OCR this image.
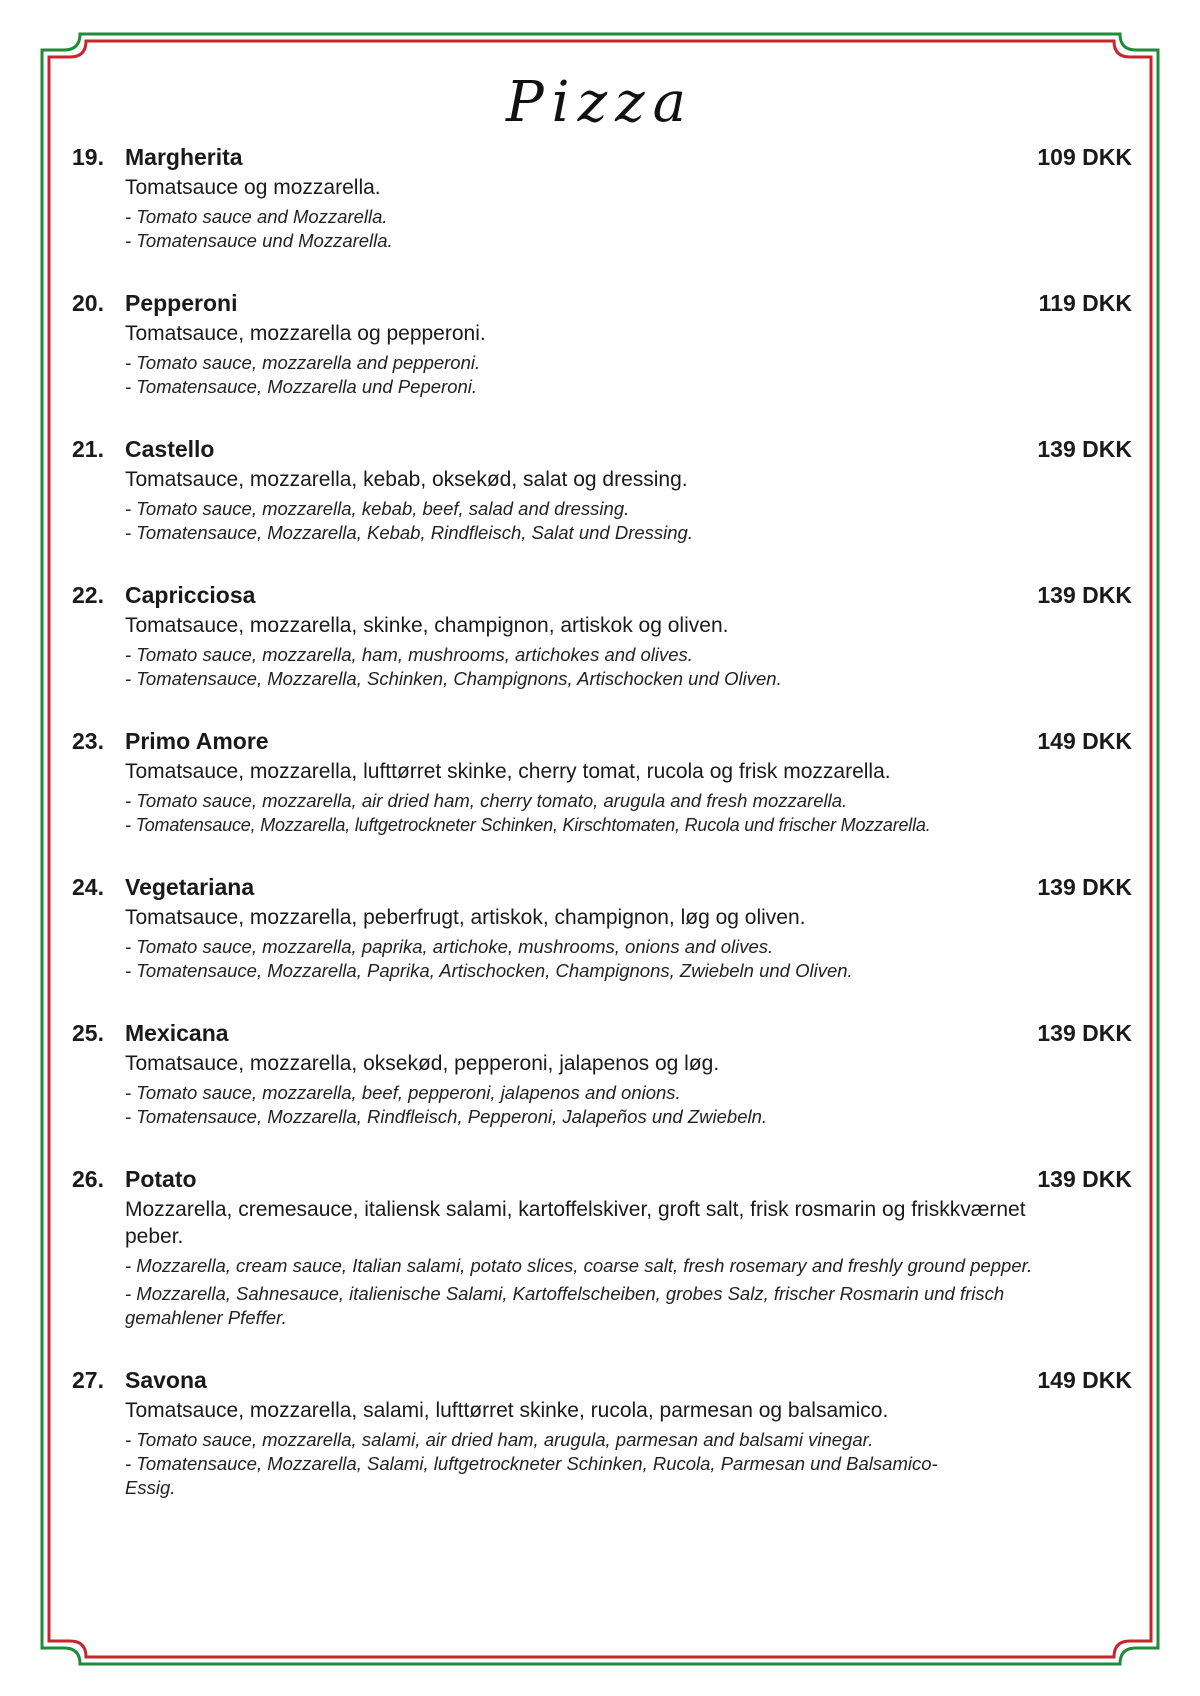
Pizza
19. Margherita	109 DKK
Tomatsauce og mozzarella.
- Tomato sauce and Mozzarella.
- Tomatensauce und Mozzarella.
20. Pepperoni	119 DKK
Tomatsauce, mozzarella og pepperoni.
- Tomato sauce, mozzarella and pepperoni.
- Tomatensauce, Mozzarella und Peperoni.
21. Castello	139 DKK
Tomatsauce, mozzarella, kebab, oksekød, salat og dressing.
- Tomato sauce, mozzarella, kebab, beef, salad and dressing.
- Tomatensauce, Mozzarella, Kebab, Rindfleisch, Salat und Dressing.
22. Capricciosa	139 DKK
Tomatsauce, mozzarella, skinke, champignon, artiskok og oliven.
- Tomato sauce, mozzarella, ham, mushrooms, artichokes and olives.
- Tomatensauce, Mozzarella, Schinken, Champignons, Artischocken und Oliven.
23. Primo Amore	149 DKK
Tomatsauce, mozzarella, lufttørret skinke, cherry tomat, rucola og frisk mozzarella.
- Tomato sauce, mozzarella, air dried ham, cherry tomato, arugula and fresh mozzarella.
- Tomatensauce, Mozzarella, luftgetrockneter Schinken, Kirschtomaten, Rucola und frischer Mozzarella.
24. Vegetariana	139 DKK
Tomatsauce, mozzarella, peberfrugt, artiskok, champignon, løg og oliven.
- Tomato sauce, mozzarella, paprika, artichoke, mushrooms, onions and olives.
- Tomatensauce, Mozzarella, Paprika, Artischocken, Champignons, Zwiebeln und Oliven.
25. Mexicana	139 DKK
Tomatsauce, mozzarella, oksekød, pepperoni, jalapenos og løg.
- Tomato sauce, mozzarella, beef, pepperoni, jalapenos and onions.
- Tomatensauce, Mozzarella, Rindfleisch, Pepperoni, Jalapeños und Zwiebeln.
26. Potato	139 DKK
Mozzarella, cremesauce, italiensk salami, kartoffelskiver, groft salt, frisk rosmarin og friskkværnet peber.
- Mozzarella, cream sauce, Italian salami, potato slices, coarse salt, fresh rosemary and freshly ground pepper.
- Mozzarella, Sahnesauce, italienische Salami, Kartoffelscheiben, grobes Salz, frischer Rosmarin und frisch gemahlener Pfeffer.
27. Savona	149 DKK
Tomatsauce, mozzarella, salami, lufttørret skinke, rucola, parmesan og balsamico.
- Tomato sauce, mozzarella, salami, air dried ham, arugula, parmesan and balsami vinegar.
- Tomatensauce, Mozzarella, Salami, luftgetrockneter Schinken, Rucola, Parmesan und Balsamico-Essig.
